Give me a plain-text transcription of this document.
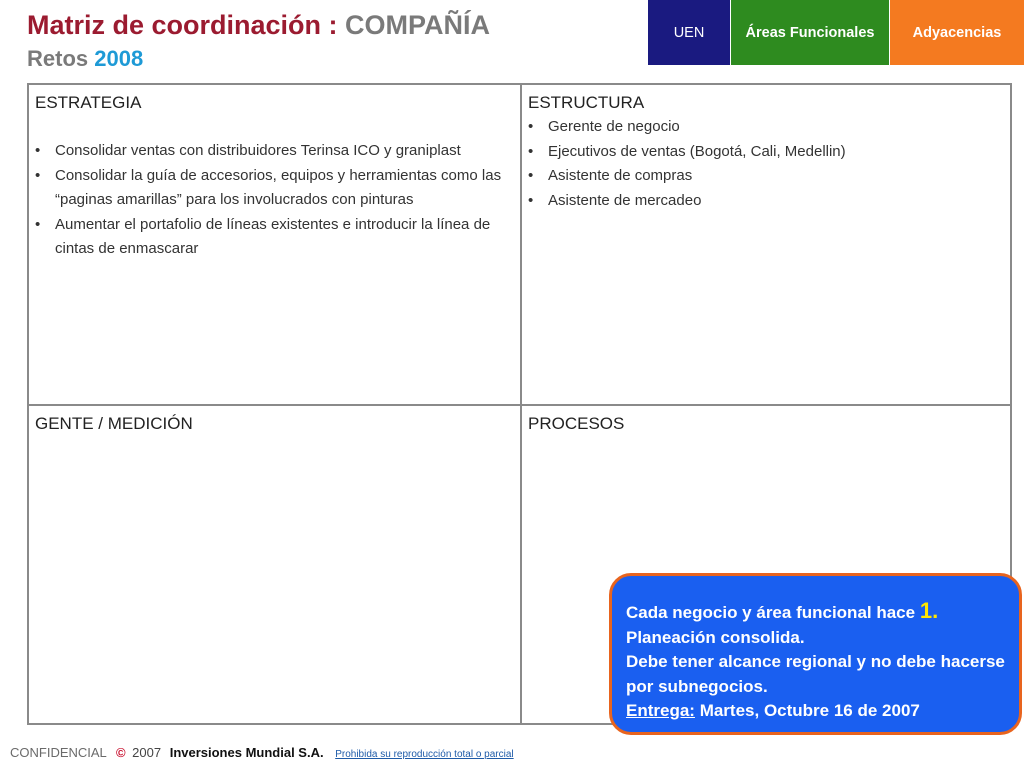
Matriz de coordinación : COMPAÑÍA
Retos 2008
UEN	Áreas Funcionales	Adyacencias
ESTRATEGIA
• Consolidar ventas con distribuidores Terinsa ICO y graniplast
• Consolidar la guía de accesorios, equipos y herramientas como las “paginas amarillas” para los involucrados con pinturas
• Aumentar el portafolio de líneas existentes e introducir la línea de cintas de enmascarar
ESTRUCTURA
• Gerente de negocio
• Ejecutivos de ventas (Bogotá, Cali, Medellin)
• Asistente de compras
• Asistente de mercadeo
GENTE / MEDICIÓN	PROCESOS
Cada negocio y área funcional hace 1.
Planeación consolida.
Debe tener alcance regional y no debe hacerse por subnegocios.
Entrega: Martes, Octubre 16 de 2007
CONFIDENCIAL © 2007 Inversiones Mundial S.A. Prohibida su reproducción total o parcial
